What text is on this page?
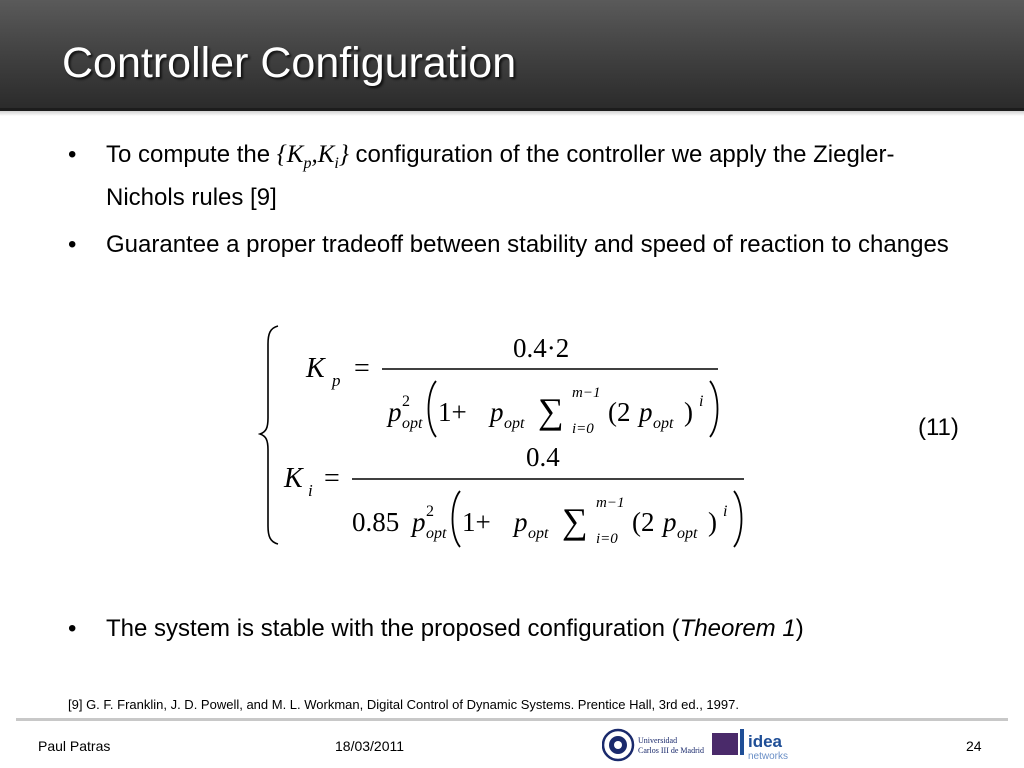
Controller Configuration
• To compute the $\{K_p,K_i\}$ configuration of the controller we apply the Ziegler-Nichols rules [9]
• Guarantee a proper tradeoff between stability and speed of reaction to changes
K p =
0.4·2
p 2
opt 1+ p opt ∑ m−1
i=0
(2 p opt ) i
K i =
0.4
0.85 p 2
opt 1+ p opt ∑ m−1
i=0
(2 p opt ) i
(11)
• The system is stable with the proposed configuration (Theorem 1)
[9] G. F. Franklin, J. D. Powell, and M. L. Workman, Digital Control of Dynamic Systems. Prentice Hall, 3rd ed., 1997.
Paul Patras	18/03/2011	24
Universidad
Carlos III de Madrid	idea
networks
